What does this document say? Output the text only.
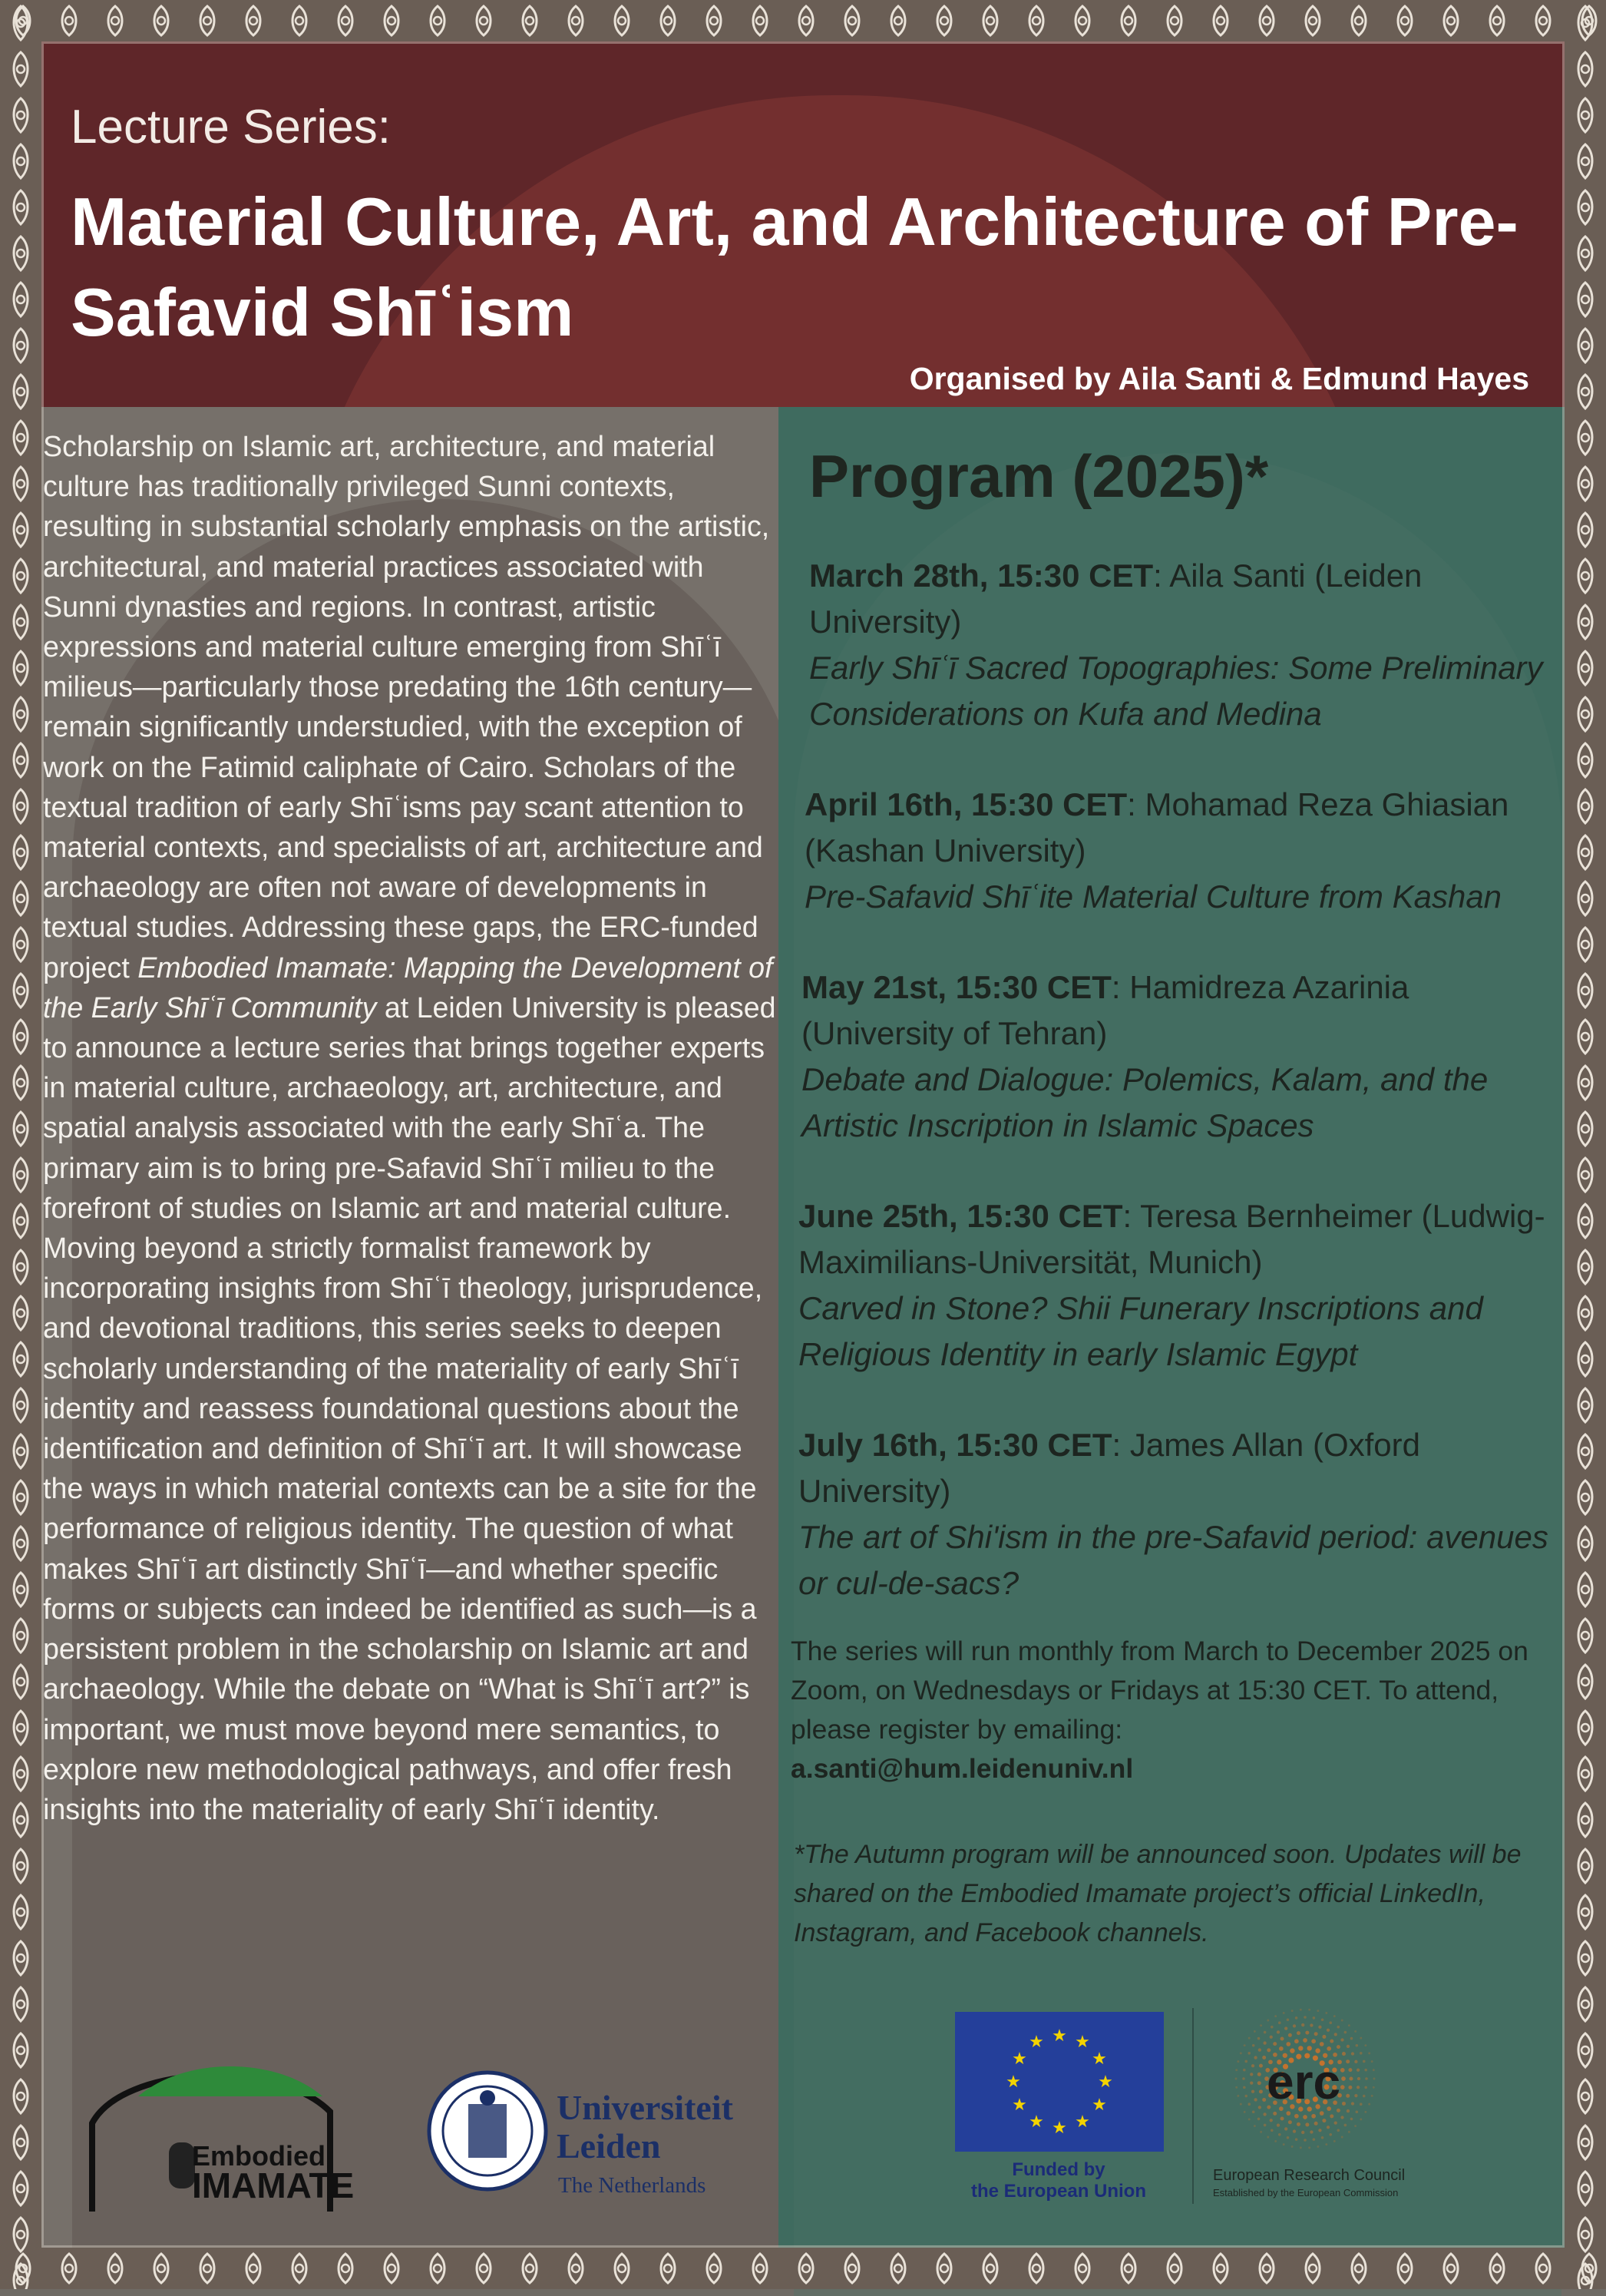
Lecture Series:
Material Culture, Art, and Architecture of Pre-Safavid Shīʿism
Organised by Aila Santi & Edmund Hayes

Scholarship on Islamic art, architecture, and material culture has traditionally privileged Sunni contexts, resulting in substantial scholarly emphasis on the artistic, architectural, and material practices associated with Sunni dynasties and regions. In contrast, artistic expressions and material culture emerging from Shīʿī milieus—particularly those predating the 16th century—remain significantly understudied, with the exception of work on the Fatimid caliphate of Cairo. Scholars of the textual tradition of early Shīʿisms pay scant attention to material contexts, and specialists of art, architecture and archaeology are often not aware of developments in textual studies. Addressing these gaps, the ERC-funded project Embodied Imamate: Mapping the Development of the Early Shīʿī Community at Leiden University is pleased to announce a lecture series that brings together experts in material culture, archaeology, art, architecture, and spatial analysis associated with the early Shīʿa. The primary aim is to bring pre-Safavid Shīʿī milieu to the forefront of studies on Islamic art and material culture. Moving beyond a strictly formalist framework by incorporating insights from Shīʿī theology, jurisprudence, and devotional traditions, this series seeks to deepen scholarly understanding of the materiality of early Shīʿī identity and reassess foundational questions about the identification and definition of Shīʿī art. It will showcase the ways in which material contexts can be a site for the performance of religious identity. The question of what makes Shīʿī art distinctly Shīʿī—and whether specific forms or subjects can indeed be identified as such—is a persistent problem in the scholarship on Islamic art and archaeology. While the debate on “What is Shīʿī art?” is important, we must move beyond mere semantics, to explore new methodological pathways, and offer fresh insights into the materiality of early Shīʿī identity.

Program (2025)*
March 28th, 15:30 CET: Aila Santi (Leiden University)
Early Shīʿī Sacred Topographies: Some Preliminary Considerations on Kufa and Medina
April 16th, 15:30 CET: Mohamad Reza Ghiasian (Kashan University)
Pre-Safavid Shīʿite Material Culture from Kashan
May 21st, 15:30 CET: Hamidreza Azarinia (University of Tehran)
Debate and Dialogue: Polemics, Kalam, and the Artistic Inscription in Islamic Spaces
June 25th, 15:30 CET: Teresa Bernheimer (Ludwig-Maximilians-Universität, Munich)
Carved in Stone? Shii Funerary Inscriptions and Religious Identity in early Islamic Egypt
July 16th, 15:30 CET: James Allan (Oxford University)
The art of Shi'ism in the pre-Safavid period: avenues or cul-de-sacs?
The series will run monthly from March to December 2025 on Zoom, on Wednesdays or Fridays at 15:30 CET. To attend, please register by emailing:
a.santi@hum.leidenuniv.nl
*The Autumn program will be announced soon. Updates will be shared on the Embodied Imamate project’s official LinkedIn, Instagram, and Facebook channels.
Embodied
IMAMATE
Universiteit
Leiden
The Netherlands
★ ★
★
★
★
★
★
★
★
★
★
★
Funded by
the European Union
erc
European Research Council
Established by the European Commission
